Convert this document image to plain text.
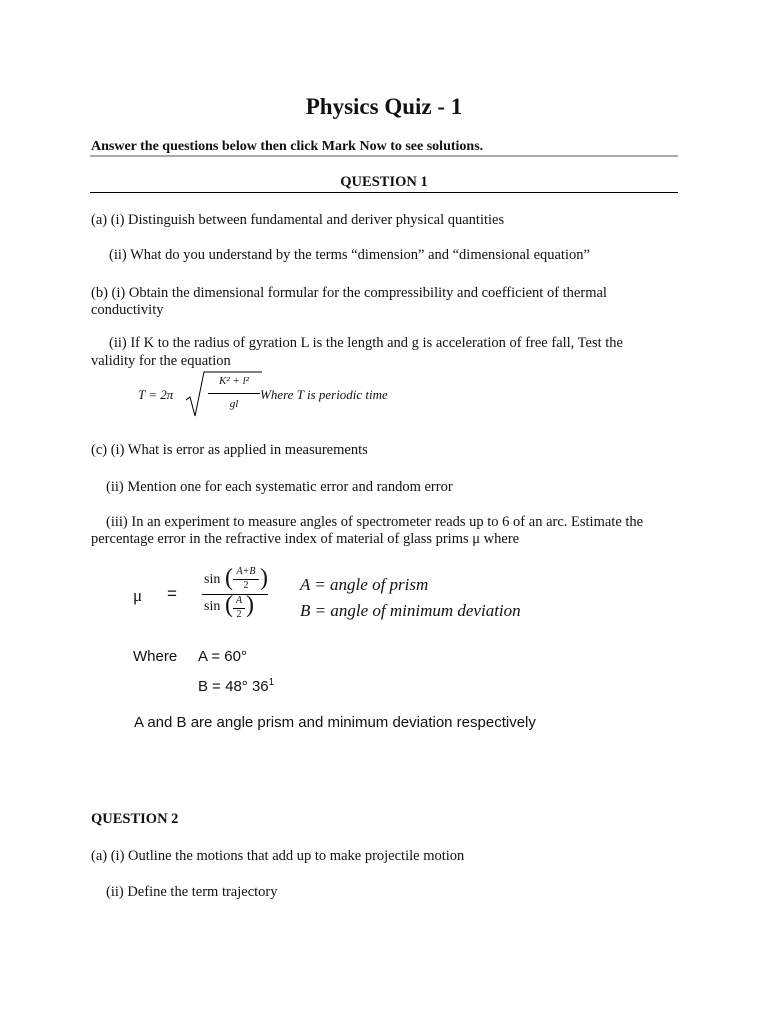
Physics Quiz - 1
Answer the questions below then click Mark Now to see solutions.
QUESTION 1
(a) (i) Distinguish between fundamental and deriver physical quantities
(ii) What do you understand by the terms “dimension” and “dimensional equation”
(b) (i) Obtain the dimensional formular for the compressibility and coefficient of thermal
conductivity
(ii) If K to the radius of gyration L is the length and g is acceleration of free fall, Test the
validity for the equation
T = 2π
K² + l²
gl
Where T is periodic time
(c) (i) What is error as applied in measurements
(ii) Mention one for each systematic error and random error
(iii) In an experiment to measure angles of spectrometer reads up to 6 of an arc. Estimate the
percentage error in the refractive index of material of glass prims μ where
μ =
sin ( A+B
2 )
sin ( A
2 )
A = angle of prism
B = angle of minimum deviation
Where A = 60°
B = 48° $36^1$
A and B are angle prism and minimum deviation respectively
QUESTION 2
(a) (i) Outline the motions that add up to make projectile motion
(ii) Define the term trajectory
